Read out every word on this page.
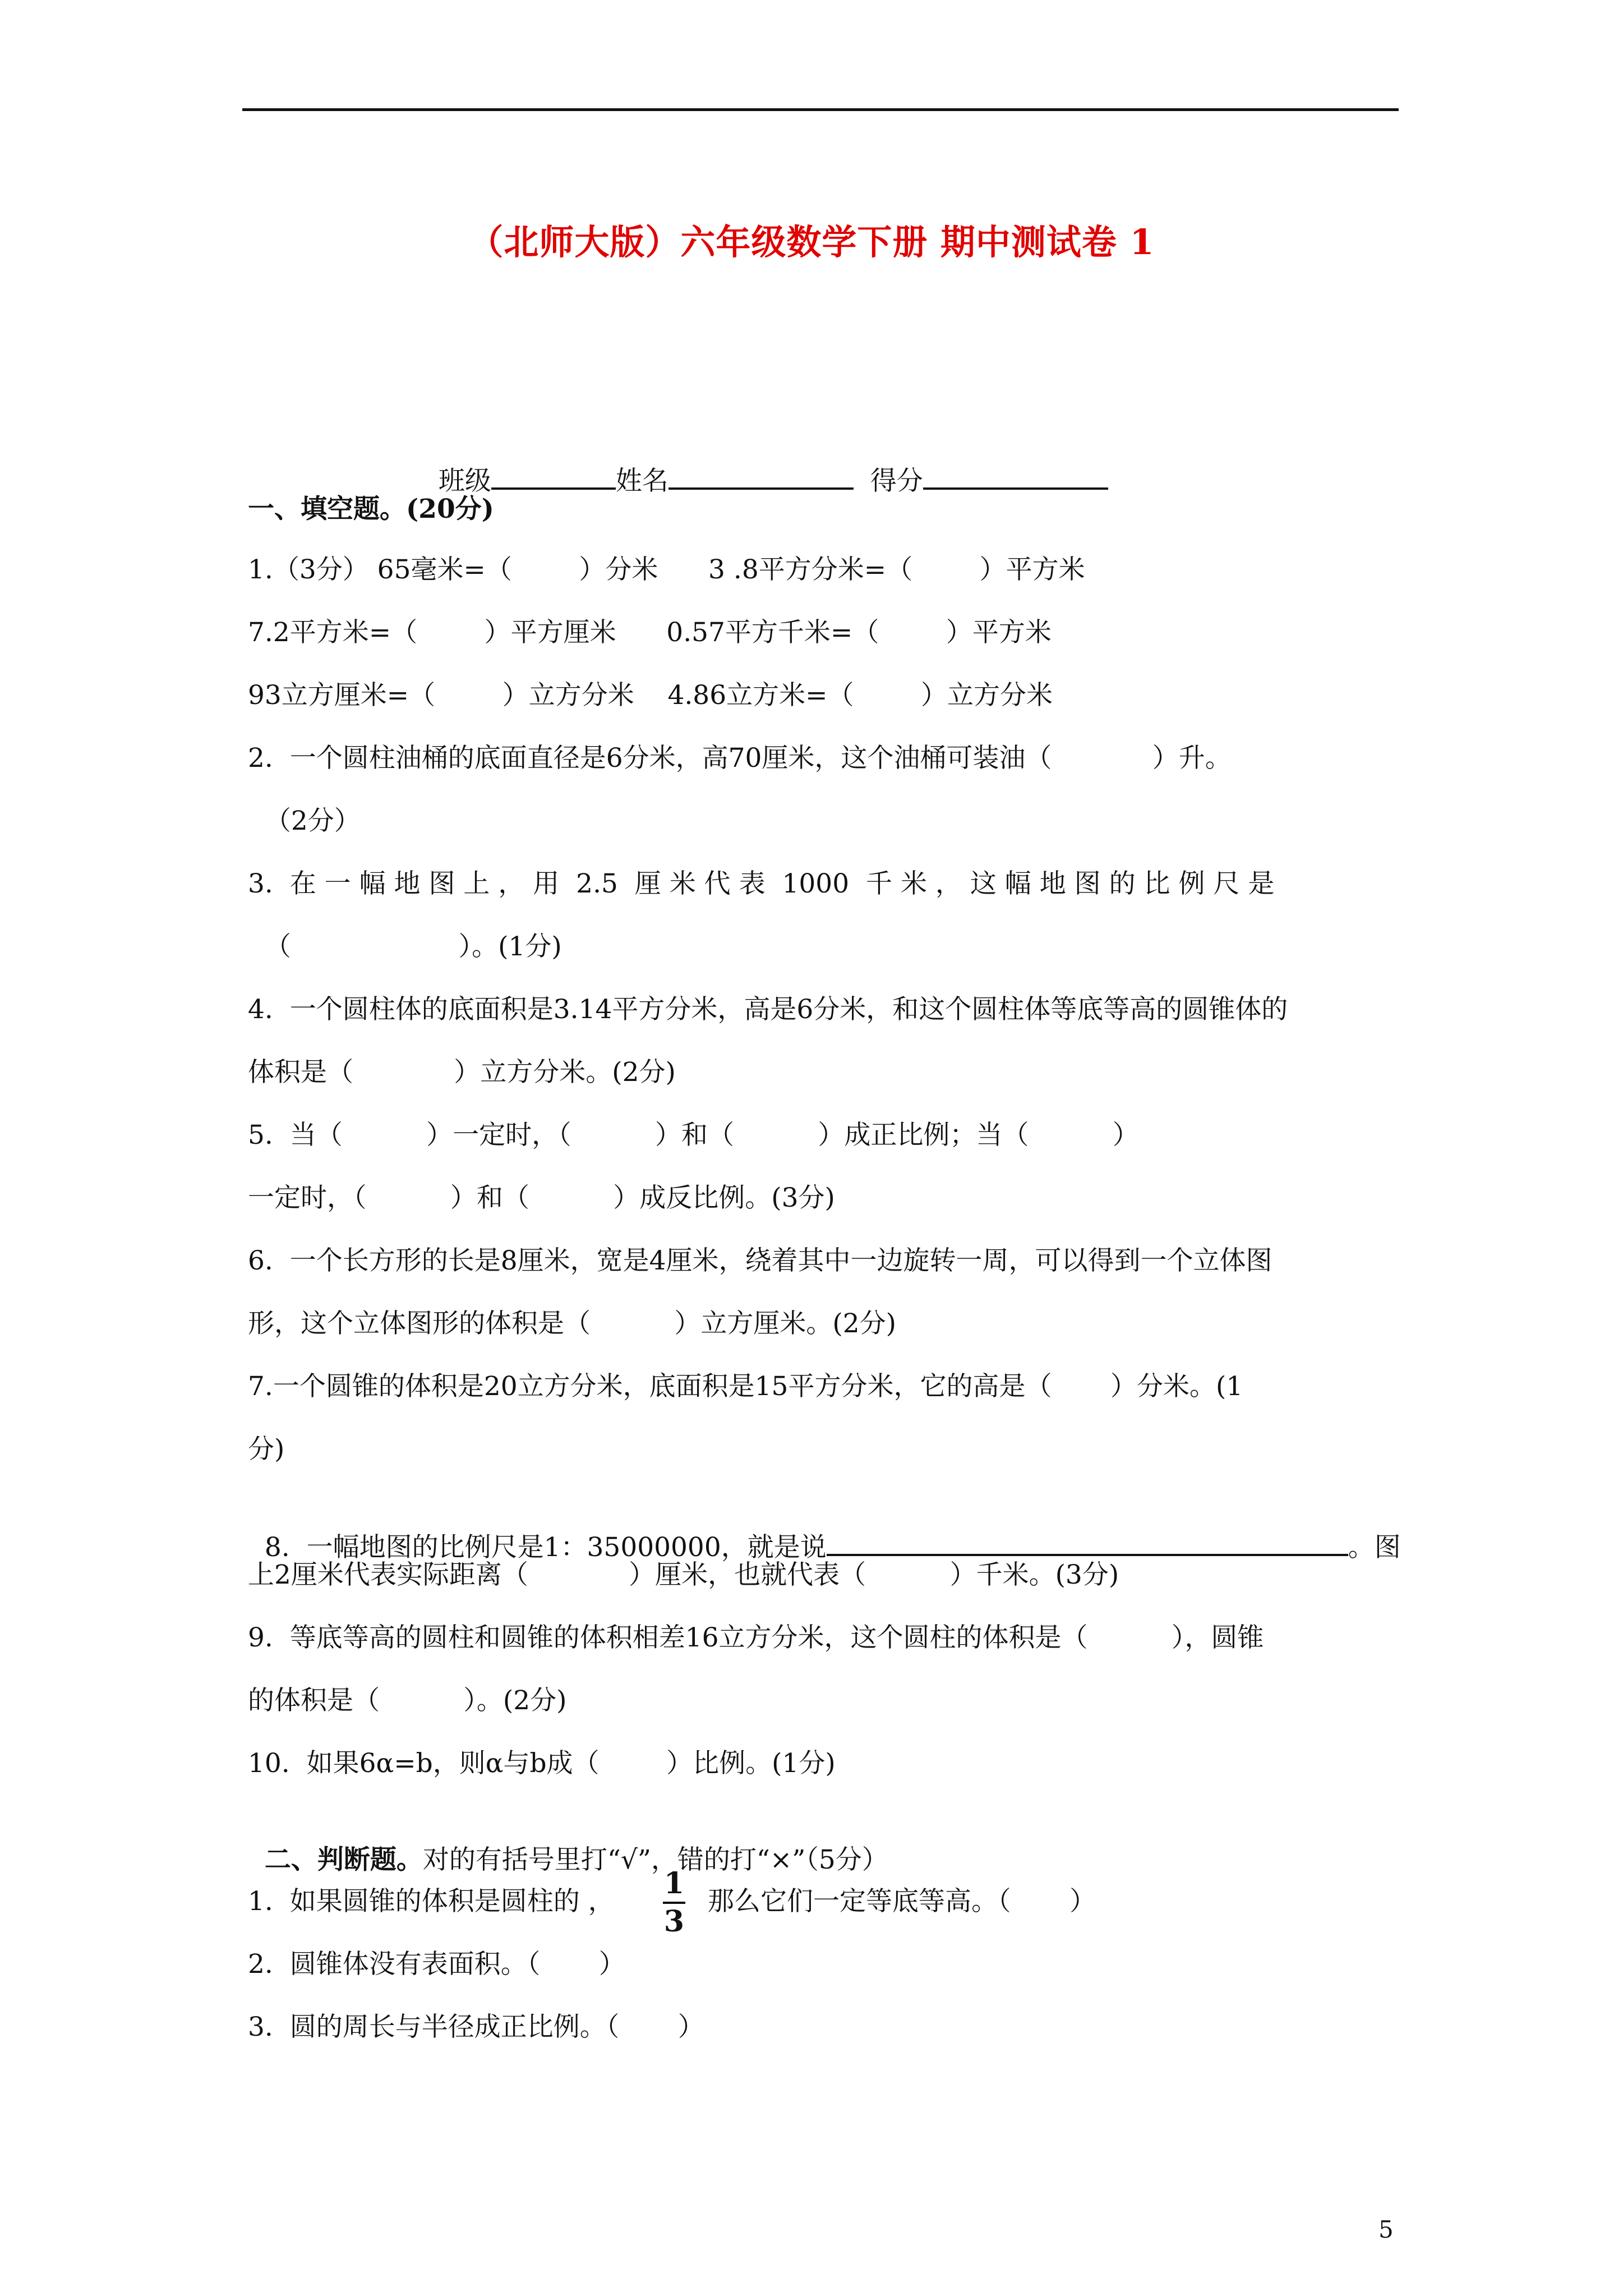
（北师大版）六年级数学下册 期中测试卷 1

班级	姓名	得分

一、填空题。(20分)
1.（3分） 65毫米=（        ）分米      3 .8平方分米=（        ）平方米
7.2平方米=（        ）平方厘米      0.57平方千米=（        ）平方米
93立方厘米=（        ）立方分米    4.86立方米=（        ）立方分米
2.  一个圆柱油桶的底面直径是6分米，高70厘米，这个油桶可装油（            ）升。
（2分）
3.  在 一 幅 地 图 上 ， 用  2.5  厘 米 代 表  1000  千 米 ， 这 幅 地 图 的 比 例 尺 是
（                    ）。(1分)
4.  一个圆柱体的底面积是3.14平方分米，高是6分米，和这个圆柱体等底等高的圆锥体的
体积是（            ）立方分米。(2分)
5.  当（          ）一定时，（          ）和（          ）成正比例；当（          ）
一定时，（          ）和（          ）成反比例。(3分)
6.  一个长方形的长是8厘米，宽是4厘米，绕着其中一边旋转一周，可以得到一个立体图
形，这个立体图形的体积是（          ）立方厘米。(2分)
7.一个圆锥的体积是20立方分米，底面积是15平方分米，它的高是（       ）分米。(1
分)

8.  一幅地图的比例尺是1：35000000，就是说	。图

上2厘米代表实际距离（            ）厘米，也就代表（          ）千米。(3分)
9.  等底等高的圆柱和圆锥的体积相差16立方分米，这个圆柱的体积是（          ），圆锥
的体积是（          ）。(2分)
10.  如果6α=b，则α与b成（        ）比例。(1分)

二、判断题。对的有括号里打“√”，错的打“×”（5分）

1.  如果圆锥的体积是圆柱的 ，
1
3
那么它们一定等底等高。（       ）
2.  圆锥体没有表面积。（       ）
3.  圆的周长与半径成正比例。（       ）
5
